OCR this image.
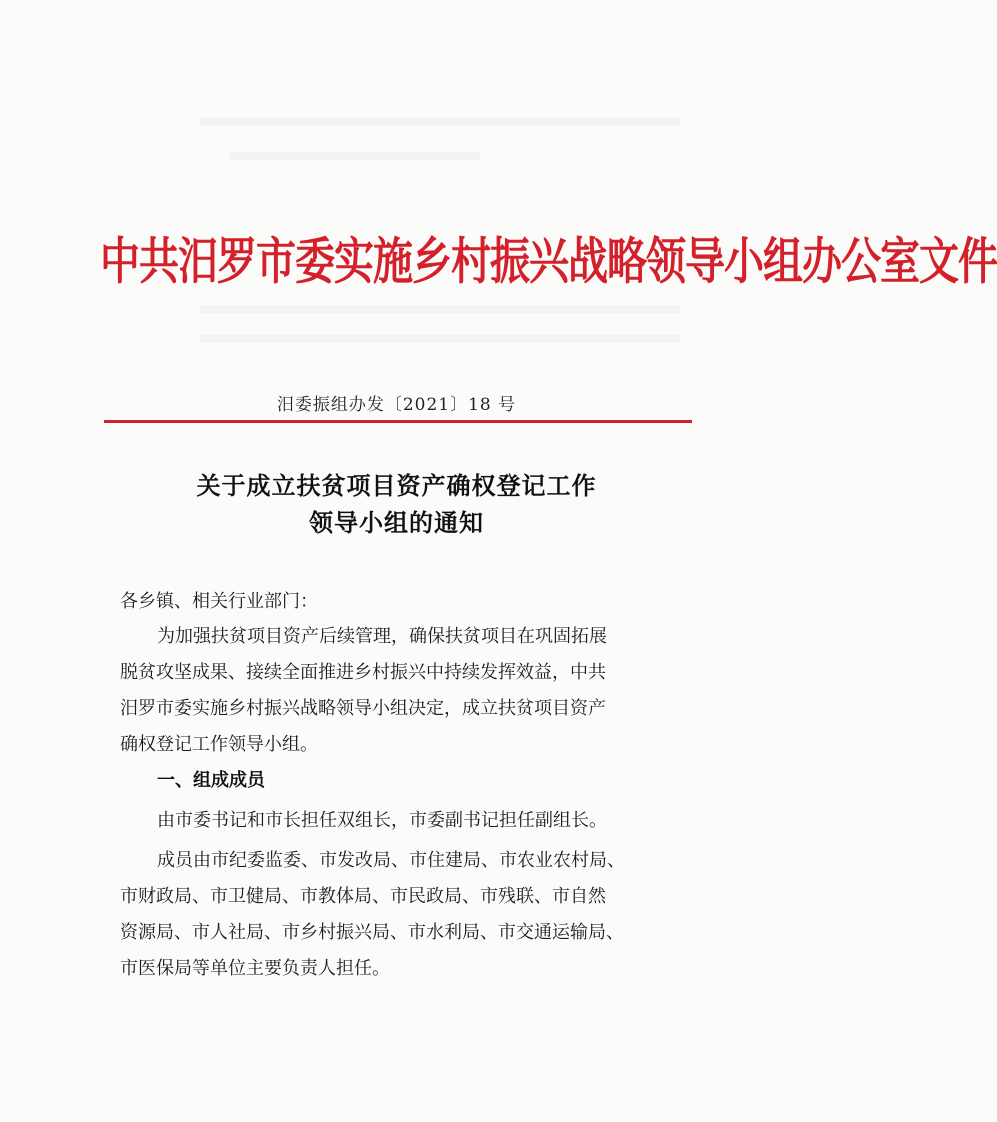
中共汨罗市委实施乡村振兴战略领导小组办公室文件
汨委振组办发〔2021〕18 号
关于成立扶贫项目资产确权登记工作
领导小组的通知
各乡镇、相关行业部门：
为加强扶贫项目资产后续管理，确保扶贫项目在巩固拓展
脱贫攻坚成果、接续全面推进乡村振兴中持续发挥效益，中共
汨罗市委实施乡村振兴战略领导小组决定，成立扶贫项目资产
确权登记工作领导小组。
一、组成成员
由市委书记和市长担任双组长，市委副书记担任副组长。
成员由市纪委监委、市发改局、市住建局、市农业农村局、
市财政局、市卫健局、市教体局、市民政局、市残联、市自然
资源局、市人社局、市乡村振兴局、市水利局、市交通运输局、
市医保局等单位主要负责人担任。
